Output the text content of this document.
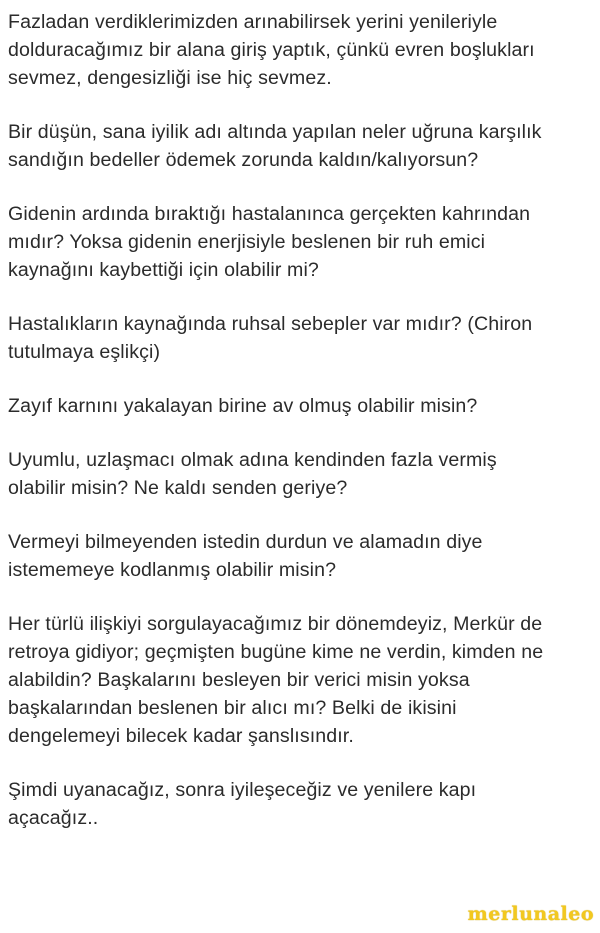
Fazladan verdiklerimizden arınabilirsek yerini yenileriyle
dolduracağımız bir alana giriş yaptık, çünkü evren boşlukları
sevmez, dengesizliği ise hiç sevmez.

Bir düşün, sana iyilik adı altında yapılan neler uğruna karşılık
sandığın bedeller ödemek zorunda kaldın/kalıyorsun?

Gidenin ardında bıraktığı hastalanınca gerçekten kahrından
mıdır? Yoksa gidenin enerjisiyle beslenen bir ruh emici
kaynağını kaybettiği için olabilir mi?

Hastalıkların kaynağında ruhsal sebepler var mıdır? (Chiron
tutulmaya eşlikçi)

Zayıf karnını yakalayan birine av olmuş olabilir misin?

Uyumlu, uzlaşmacı olmak adına kendinden fazla vermiş
olabilir misin? Ne kaldı senden geriye?

Vermeyi bilmeyenden istedin durdun ve alamadın diye
istememeye kodlanmış olabilir misin?

Her türlü ilişkiyi sorgulayacağımız bir dönemdeyiz, Merkür de
retroya gidiyor; geçmişten bugüne kime ne verdin, kimden ne
alabildin? Başkalarını besleyen bir verici misin yoksa
başkalarından beslenen bir alıcı mı? Belki de ikisini
dengelemeyi bilecek kadar şanslısındır.

Şimdi uyanacağız, sonra iyileşeceğiz ve yenilere kapı
açacağız..

merlunaleo
